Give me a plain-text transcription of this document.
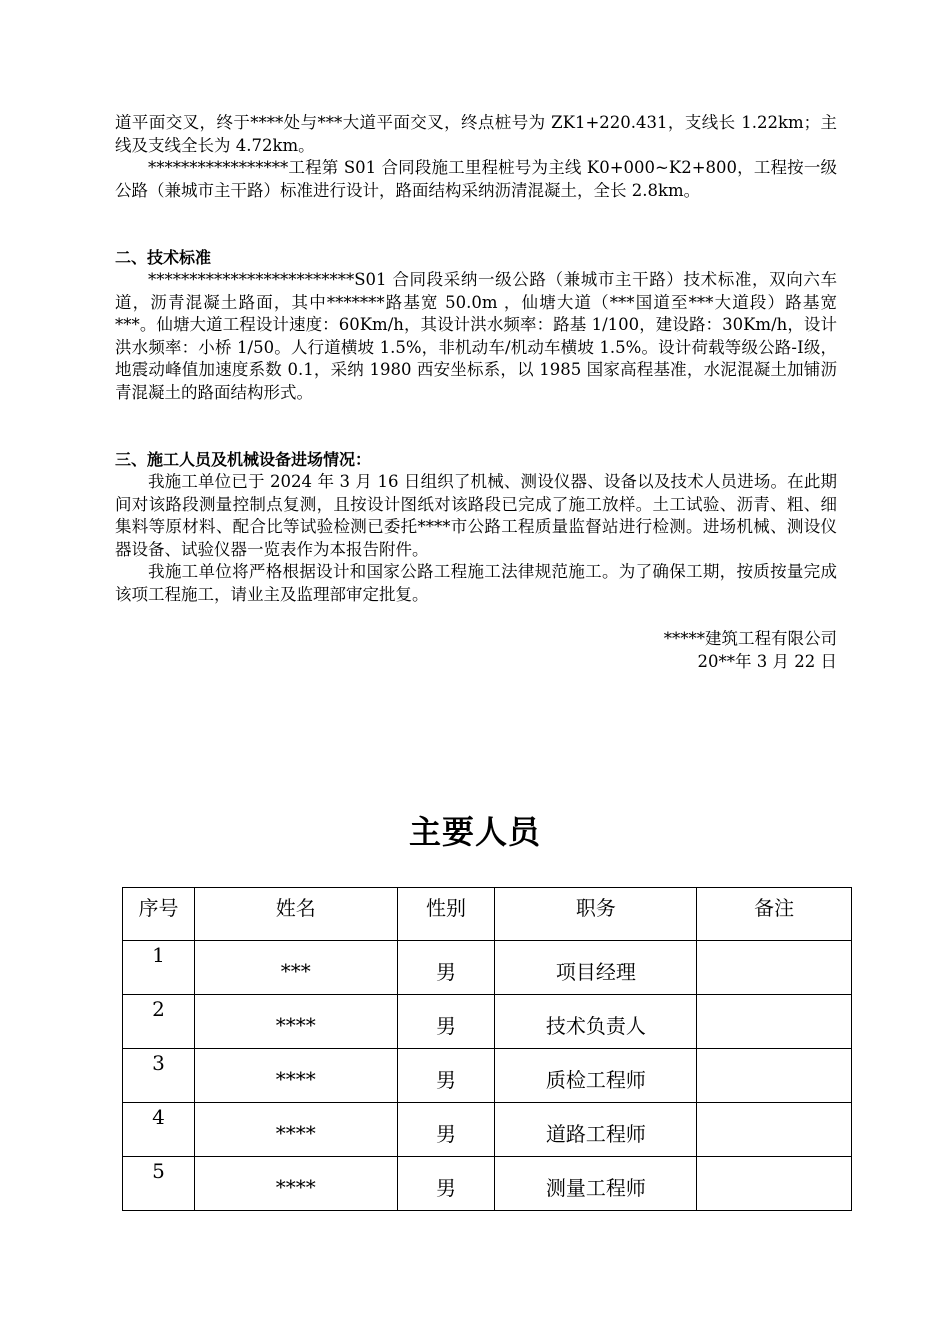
道平面交叉，终于****处与***大道平面交叉，终点桩号为 ZK1+220.431，支线长 1.22km；主线及支线全长为 4.72km。

*****************工程第 S01 合同段施工里程桩号为主线 K0+000~K2+800，工程按一级公路（兼城市主干路）标准进行设计，路面结构采纳沥清混凝土，全长 2.8km。

二、技术标准

*************************S01 合同段采纳一级公路（兼城市主干路）技术标准，双向六车道，沥青混凝土路面，其中*******路基宽 50.0m ，仙塘大道（***国道至***大道段）路基宽***。仙塘大道工程设计速度：60Km/h，其设计洪水频率：路基 1/100，建设路：30Km/h，设计洪水频率：小桥 1/50。人行道横坡 1.5%，非机动车/机动车横坡 1.5%。设计荷载等级公路-Ⅰ级，地震动峰值加速度系数 0.1，采纳 1980 西安坐标系，以 1985 国家高程基准，水泥混凝土加铺沥青混凝土的路面结构形式。

三、施工人员及机械设备进场情况：

我施工单位已于 2024 年 3 月 16 日组织了机械、测设仪器、设备以及技术人员进场。在此期间对该路段测量控制点复测，且按设计图纸对该路段已完成了施工放样。土工试验、沥青、粗、细集料等原材料、配合比等试验检测已委托****市公路工程质量监督站进行检测。进场机械、测设仪器设备、试验仪器一览表作为本报告附件。

我施工单位将严格根据设计和国家公路工程施工法律规范施工。为了确保工期，按质按量完成该项工程施工，请业主及监理部审定批复。

*****建筑工程有限公司

20**年 3 月 22 日

主要人员
序号	姓名	性别	职务	备注
1	***	男	项目经理	
2	****	男	技术负责人	
3	****	男	质检工程师	
4	****	男	道路工程师	
5	****	男	测量工程师	
